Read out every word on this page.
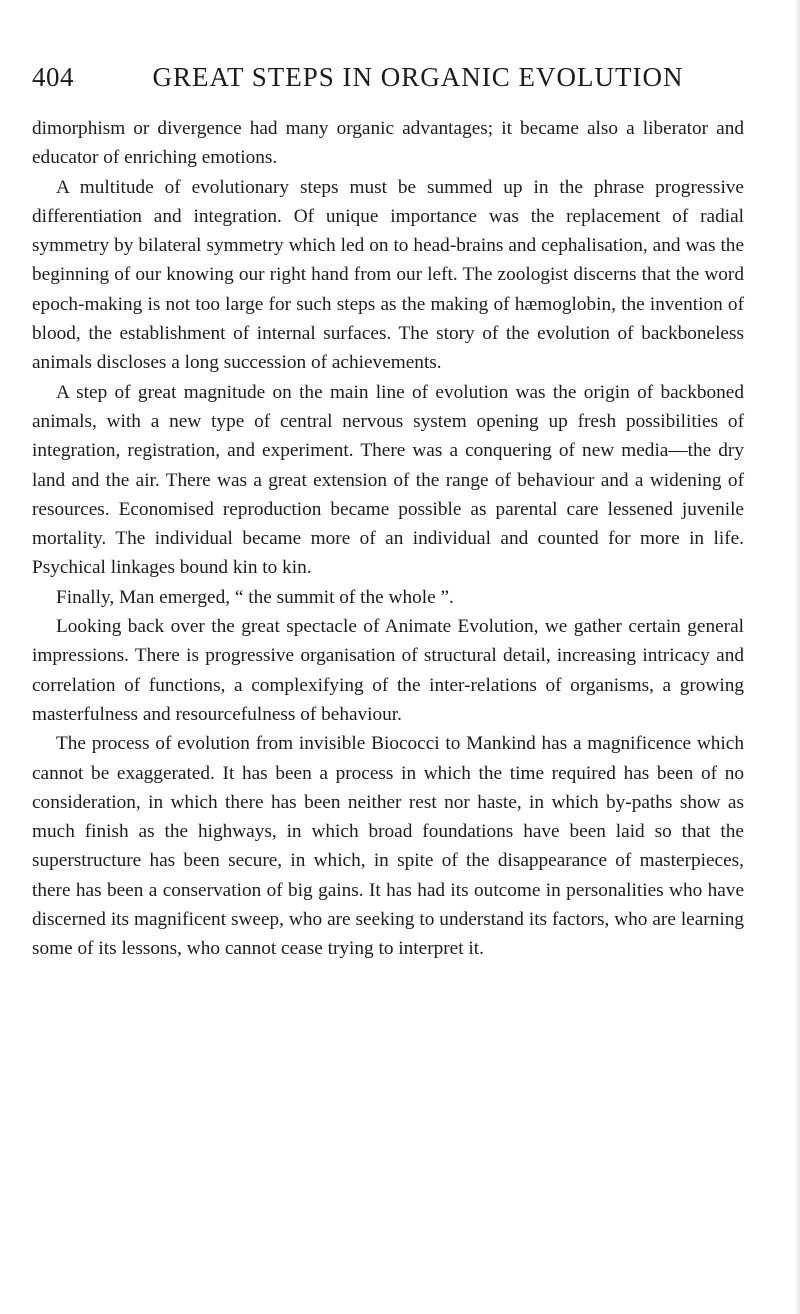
404	GREAT STEPS IN ORGANIC EVOLUTION

dimorphism or divergence had many organic advantages; it became also a liberator and educator of enriching emotions.

A multitude of evolutionary steps must be summed up in the phrase progressive differentiation and integration. Of unique importance was the replacement of radial symmetry by bilateral symmetry which led on to head-brains and cephalisation, and was the beginning of our knowing our right hand from our left. The zoologist discerns that the word epoch-making is not too large for such steps as the making of hæmoglobin, the invention of blood, the establishment of internal surfaces. The story of the evolution of backboneless animals discloses a long succession of achievements.

A step of great magnitude on the main line of evolution was the origin of backboned animals, with a new type of central nervous system opening up fresh possibilities of integration, registration, and experiment. There was a conquering of new media—the dry land and the air. There was a great extension of the range of behaviour and a widening of resources. Economised reproduction became possible as parental care lessened juvenile mortality. The individual became more of an individual and counted for more in life. Psychical linkages bound kin to kin.

Finally, Man emerged, “ the summit of the whole ”.

Looking back over the great spectacle of Animate Evolution, we gather certain general impressions. There is progressive organisation of structural detail, increasing intricacy and correlation of functions, a complexifying of the inter-relations of organisms, a growing masterfulness and resourcefulness of behaviour.

The process of evolution from invisible Biococci to Mankind has a magnificence which cannot be exaggerated. It has been a process in which the time required has been of no consideration, in which there has been neither rest nor haste, in which by-paths show as much finish as the highways, in which broad foundations have been laid so that the superstructure has been secure, in which, in spite of the disappearance of masterpieces, there has been a conservation of big gains. It has had its outcome in personalities who have discerned its magnificent sweep, who are seeking to understand its factors, who are learning some of its lessons, who cannot cease trying to interpret it.
